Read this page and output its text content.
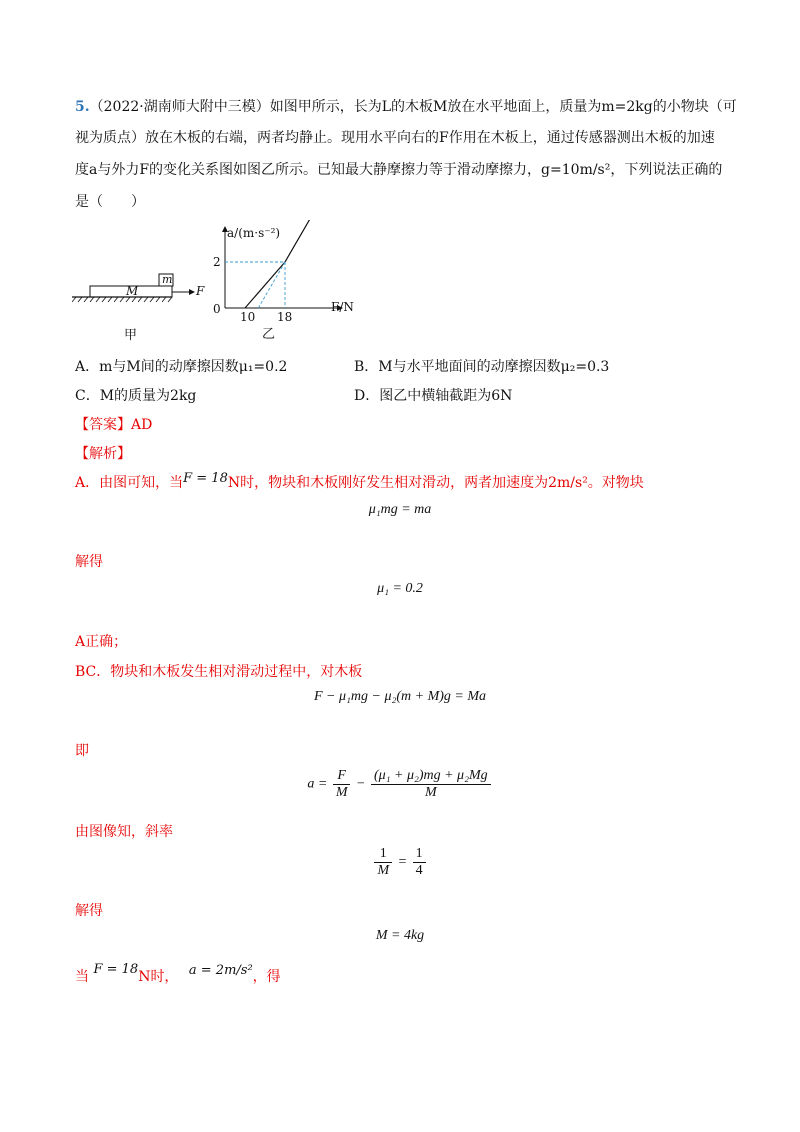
5.（2022·湖南师大附中三模）如图甲所示，长为L的木板M放在水平地面上，质量为m=2kg的小物块（可
视为质点）放在木板的右端，两者均静止。现用水平向右的F作用在木板上，通过传感器测出木板的加速
度a与外力F的变化关系图如图乙所示。已知最大静摩擦力等于滑动摩擦力，g=10m/s²，下列说法正确的
是（　　）
m
M	F
甲
a/(m·s⁻²)
F/N
2
0
10 18
乙
A．m与M间的动摩擦因数μ₁=0.2	B．M与水平地面间的动摩擦因数μ₂=0.3
C．M的质量为2kg	D．图乙中横轴截距为6N
【答案】AD
【解析】
A．由图可知，当F = 18N时，物块和木板刚好发生相对滑动，两者加速度为2m/s²。对物块
μ₁mg = ma
解得
μ₁ = 0.2
A正确；
BC．物块和木板发生相对滑动过程中，对木板
F − μ₁mg − μ₂(m + M)g = Ma
即
$a = \frac{F}{M} - \frac{\text{(μ₁ + μ₂)mg + μ₂Mg}}{M}$
由图像知，斜率
$\frac{1}{M} = \frac{1}{4}$
解得
M = 4kg
当 F = 18N时， a = 2m/s²，得
